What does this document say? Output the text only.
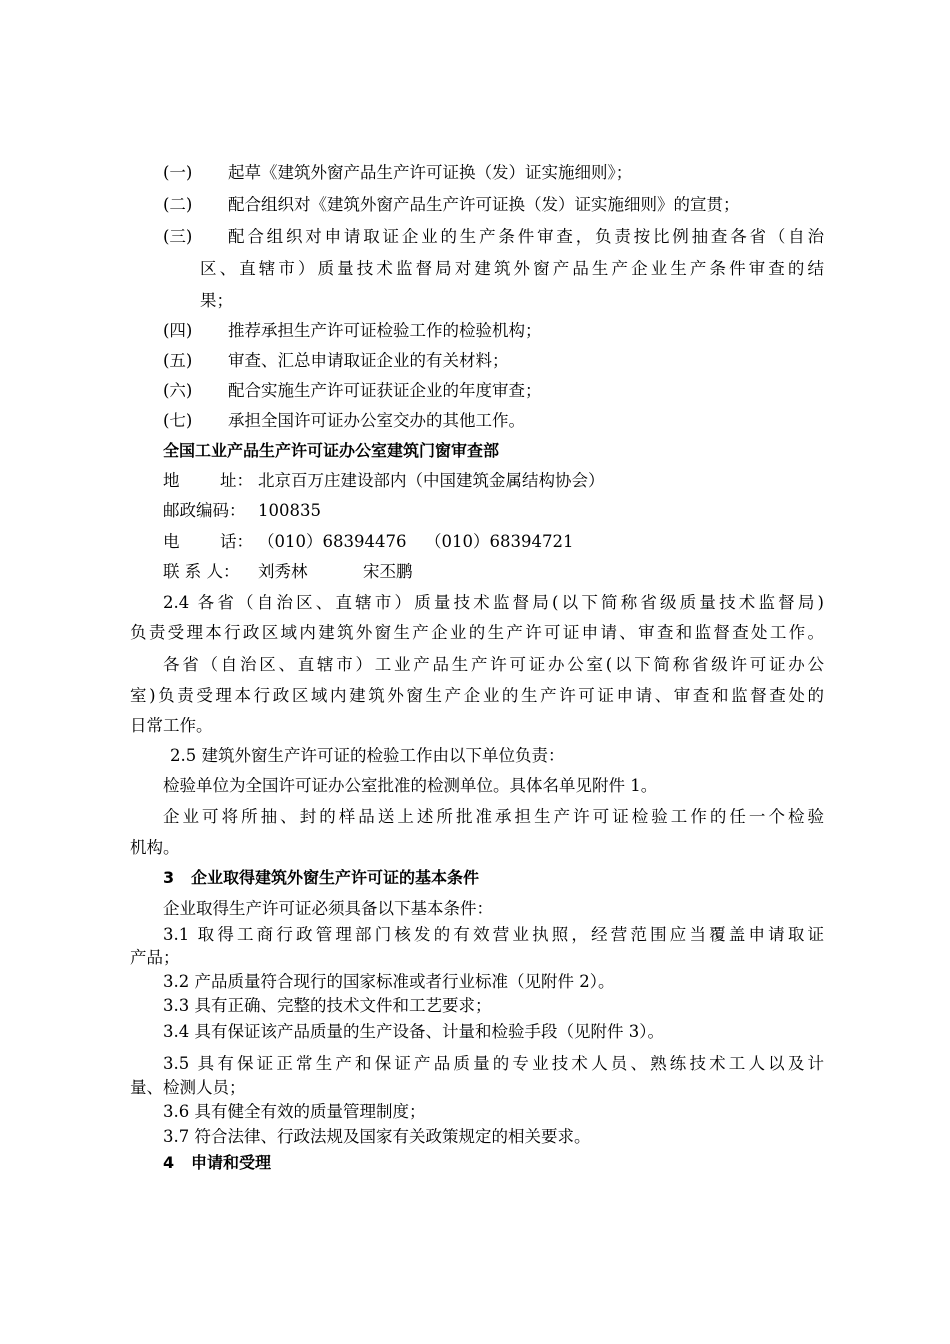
(一) 起草《建筑外窗产品生产许可证换（发）证实施细则》；
(二) 配合组织对《建筑外窗产品生产许可证换（发）证实施细则》的宣贯；
(三) 配合组织对申请取证企业的生产条件审查，负责按比例抽查各省（自治
区、直辖市）质量技术监督局对建筑外窗产品生产企业生产条件审查的结
果；
(四) 推荐承担生产许可证检验工作的检验机构；
(五) 审查、汇总申请取证企业的有关材料；
(六) 配合实施生产许可证获证企业的年度审查；
(七) 承担全国许可证办公室交办的其他工作。
全国工业产品生产许可证办公室建筑门窗审查部
地 址： 北京百万庄建设部内（中国建筑金属结构协会）
邮政编码： 100835
电 话： （010）68394476 （010）68394721
联 系 人： 刘秀林	宋丕鹏
2.4 各省（自治区、直辖市）质量技术监督局(以下简称省级质量技术监督局)
负责受理本行政区域内建筑外窗生产企业的生产许可证申请、审查和监督查处工作。
各省（自治区、直辖市）工业产品生产许可证办公室(以下简称省级许可证办公
室)负责受理本行政区域内建筑外窗生产企业的生产许可证申请、审查和监督查处的
日常工作。
2.5 建筑外窗生产许可证的检验工作由以下单位负责：
检验单位为全国许可证办公室批准的检测单位。具体名单见附件 1。
企业可将所抽、封的样品送上述所批准承担生产许可证检验工作的任一个检验
机构。
3 企业取得建筑外窗生产许可证的基本条件
企业取得生产许可证必须具备以下基本条件：
3.1 取得工商行政管理部门核发的有效营业执照，经营范围应当覆盖申请取证
产品；
3.2 产品质量符合现行的国家标准或者行业标准（见附件 2）。
3.3 具有正确、完整的技术文件和工艺要求；
3.4 具有保证该产品质量的生产设备、计量和检验手段（见附件 3）。
3.5 具有保证正常生产和保证产品质量的专业技术人员、熟练技术工人以及计
量、检测人员；
3.6 具有健全有效的质量管理制度；
3.7 符合法律、行政法规及国家有关政策规定的相关要求。
4 申请和受理
